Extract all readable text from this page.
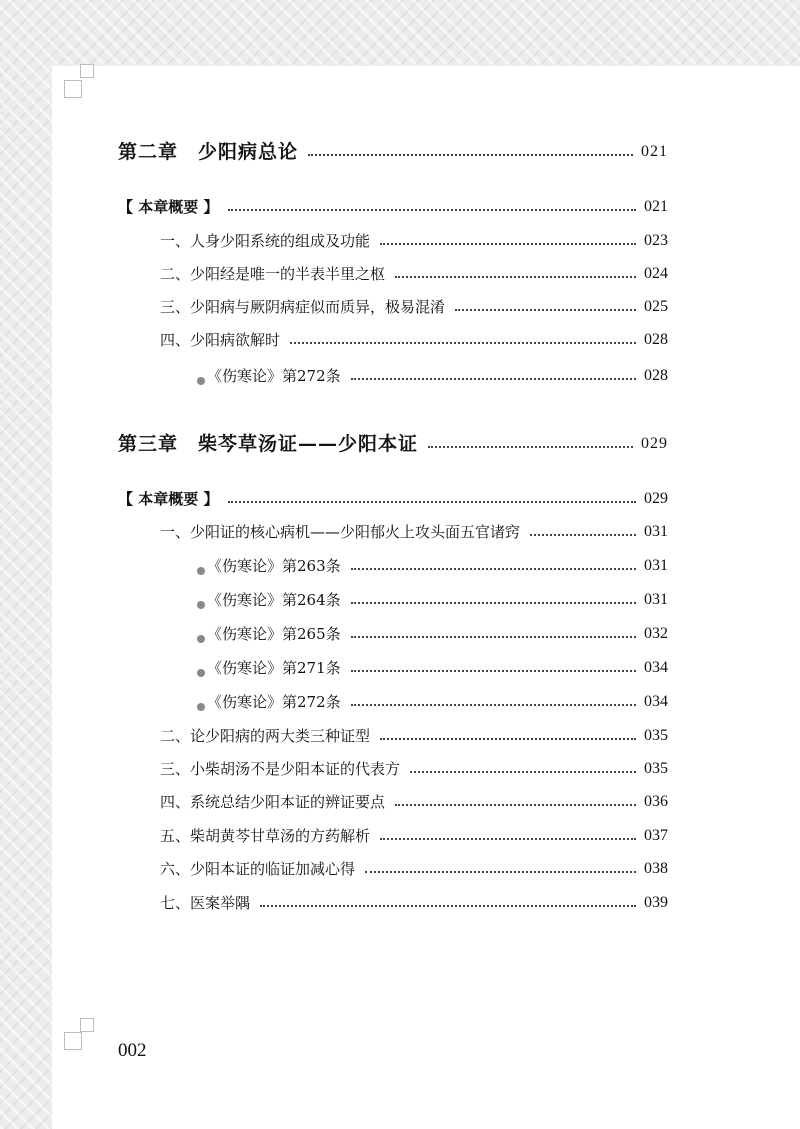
第二章　少阳病总论	021
【 本章概要 】	021
一、人身少阳系统的组成及功能	023
二、少阳经是唯一的半表半里之枢	024
三、少阳病与厥阴病症似而质异，极易混淆	025
四、少阳病欲解时	028
《伤寒论》第272条	028
第三章　柴芩草汤证——少阳本证	029
【 本章概要 】	029
一、少阳证的核心病机——少阳郁火上攻头面五官诸窍	031
《伤寒论》第263条	031
《伤寒论》第264条	031
《伤寒论》第265条	032
《伤寒论》第271条	034
《伤寒论》第272条	034
二、论少阳病的两大类三种证型	035
三、小柴胡汤不是少阳本证的代表方	035
四、系统总结少阳本证的辨证要点	036
五、柴胡黄芩甘草汤的方药解析	037
六、少阳本证的临证加减心得	038
七、医案举隅	039
002
